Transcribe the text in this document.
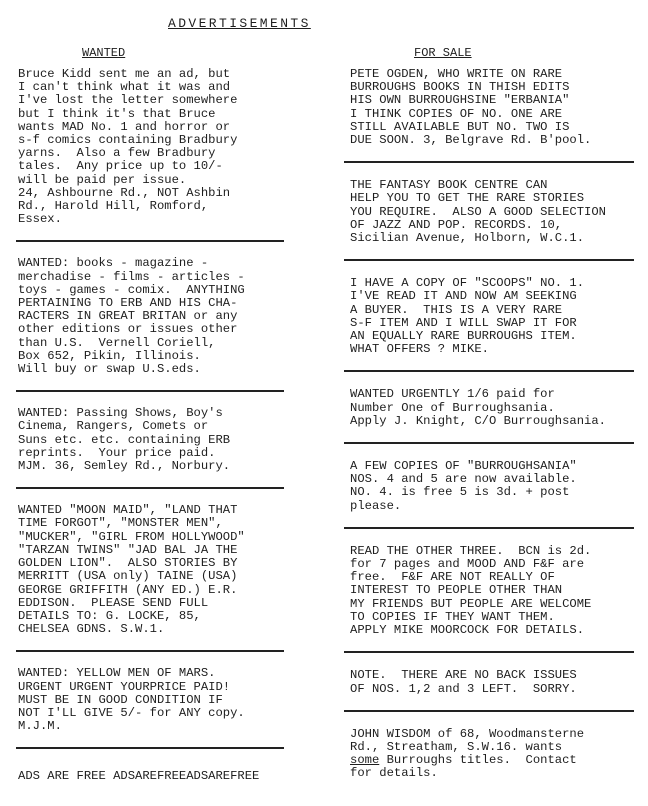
ADVERTISEMENTS
WANTED	FOR SALE

Bruce Kidd sent me an ad, but
I can't think what it was and
I've lost the letter somewhere
but I think it's that Bruce
wants MAD No. 1 and horror or
s-f comics containing Bradbury
yarns.  Also a few Bradbury
tales.  Any price up to 10/-
will be paid per issue.
24, Ashbourne Rd., NOT Ashbin
Rd., Harold Hill, Romford,
Essex.

WANTED: books - magazine -
merchadise - films - articles -
toys - games - comix.  ANYTHING
PERTAINING TO ERB AND HIS CHA-
RACTERS IN GREAT BRITAN or any
other editions or issues other
than U.S.  Vernell Coriell,
Box 652, Pikin, Illinois.
Will buy or swap U.S.eds.

WANTED: Passing Shows, Boy's
Cinema, Rangers, Comets or
Suns etc. etc. containing ERB
reprints.  Your price paid.
MJM. 36, Semley Rd., Norbury.

WANTED "MOON MAID", "LAND THAT
TIME FORGOT", "MONSTER MEN",
"MUCKER", "GIRL FROM HOLLYWOOD"
"TARZAN TWINS" "JAD BAL JA THE
GOLDEN LION".  ALSO STORIES BY
MERRITT (USA only) TAINE (USA)
GEORGE GRIFFITH (ANY ED.) E.R.
EDDISON.  PLEASE SEND FULL
DETAILS TO: G. LOCKE, 85,
CHELSEA GDNS. S.W.1.

WANTED: YELLOW MEN OF MARS.
URGENT URGENT YOURPRICE PAID!
MUST BE IN GOOD CONDITION IF
NOT I'LL GIVE 5/- for ANY copy.
M.J.M.

PETE OGDEN, WHO WRITE ON RARE
BURROUGHS BOOKS IN THISH EDITS
HIS OWN BURROUGHSINE "ERBANIA"
I THINK COPIES OF NO. ONE ARE
STILL AVAILABLE BUT NO. TWO IS
DUE SOON. 3, Belgrave Rd. B'pool.

THE FANTASY BOOK CENTRE CAN
HELP YOU TO GET THE RARE STORIES
YOU REQUIRE.  ALSO A GOOD SELECTION
OF JAZZ AND POP. RECORDS. 10,
Sicilian Avenue, Holborn, W.C.1.

I HAVE A COPY OF "SCOOPS" NO. 1.
I'VE READ IT AND NOW AM SEEKING
A BUYER.  THIS IS A VERY RARE
S-F ITEM AND I WILL SWAP IT FOR
AN EQUALLY RARE BURROUGHS ITEM.
WHAT OFFERS ? MIKE.

WANTED URGENTLY 1/6 paid for
Number One of Burroughsania.
Apply J. Knight, C/O Burroughsania.

A FEW COPIES OF "BURROUGHSANIA"
NOS. 4 and 5 are now available.
NO. 4. is free 5 is 3d. + post
please.

READ THE OTHER THREE.  BCN is 2d.
for 7 pages and MOOD AND F&F are
free.  F&F ARE NOT REALLY OF
INTEREST TO PEOPLE OTHER THAN
MY FRIENDS BUT PEOPLE ARE WELCOME
TO COPIES IF THEY WANT THEM.
APPLY MIKE MOORCOCK FOR DETAILS.

NOTE.  THERE ARE NO BACK ISSUES
OF NOS. 1,2 and 3 LEFT.  SORRY.

JOHN WISDOM of 68, Woodmansterne
Rd., Streatham, S.W.16. wants
some Burroughs titles.  Contact
for details.

ADS ARE FREE ADSAREFREEADSAREFREE
